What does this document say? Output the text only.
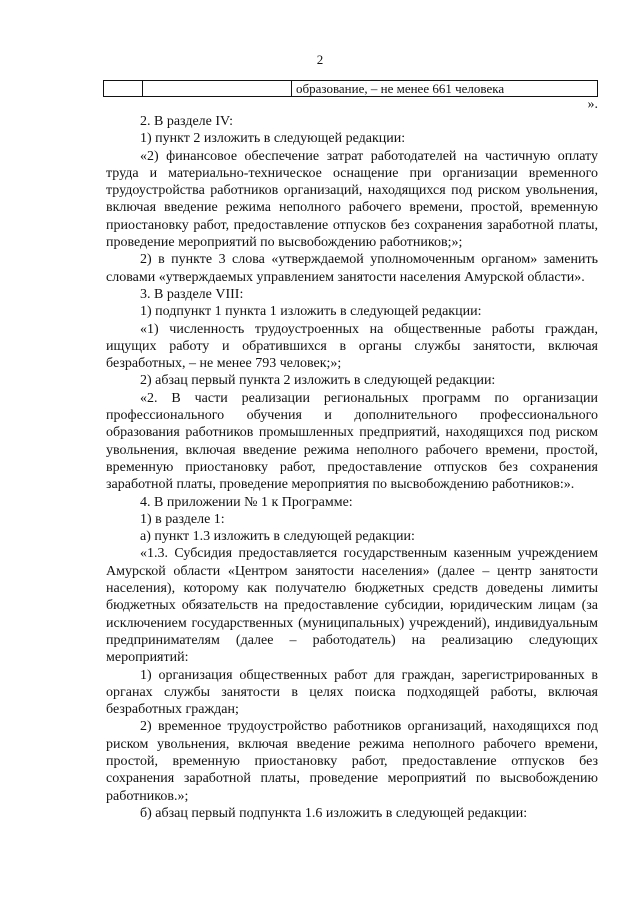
2
		образование, – не менее 661 человека
».

2. В разделе IV:

1) пункт 2 изложить в следующей редакции:

«2) финансовое обеспечение затрат работодателей на частичную оплату труда и материально-техническое оснащение при организации временного трудоустройства работников организаций, находящихся под риском увольнения, включая введение режима неполного рабочего времени, простой, временную приостановку работ, предоставление отпусков без сохранения заработной платы, проведение мероприятий по высвобождению работников;»;

2) в пункте 3 слова «утверждаемой уполномоченным органом» заменить словами «утверждаемых управлением занятости населения Амурской области».

3. В разделе VIII:

1) подпункт 1 пункта 1 изложить в следующей редакции:

«1) численность трудоустроенных на общественные работы граждан, ищущих работу и обратившихся в органы службы занятости, включая безработных, – не менее 793 человек;»;

2) абзац первый пункта 2 изложить в следующей редакции:

«2. В части реализации региональных программ по организации профессионального обучения и дополнительного профессионального образования работников промышленных предприятий, находящихся под риском увольнения, включая введение режима неполного рабочего времени, простой, временную приостановку работ, предоставление отпусков без сохранения заработной платы, проведение мероприятия по высвобождению работников:».

4. В приложении № 1 к Программе:

1) в разделе 1:

а) пункт 1.3 изложить в следующей редакции:

«1.3. Субсидия предоставляется государственным казенным учреждением Амурской области «Центром занятости населения» (далее – центр занятости населения), которому как получателю бюджетных средств доведены лимиты бюджетных обязательств на предоставление субсидии, юридическим лицам (за исключением государственных (муниципальных) учреждений), индивидуальным предпринимателям (далее – работодатель) на реализацию следующих мероприятий:

1) организация общественных работ для граждан, зарегистрированных в органах службы занятости в целях поиска подходящей работы, включая безработных граждан;

2) временное трудоустройство работников организаций, находящихся под риском увольнения, включая введение режима неполного рабочего времени, простой, временную приостановку работ, предоставление отпусков без сохранения заработной платы, проведение мероприятий по высвобождению работников.»;

б) абзац первый подпункта 1.6 изложить в следующей редакции:
